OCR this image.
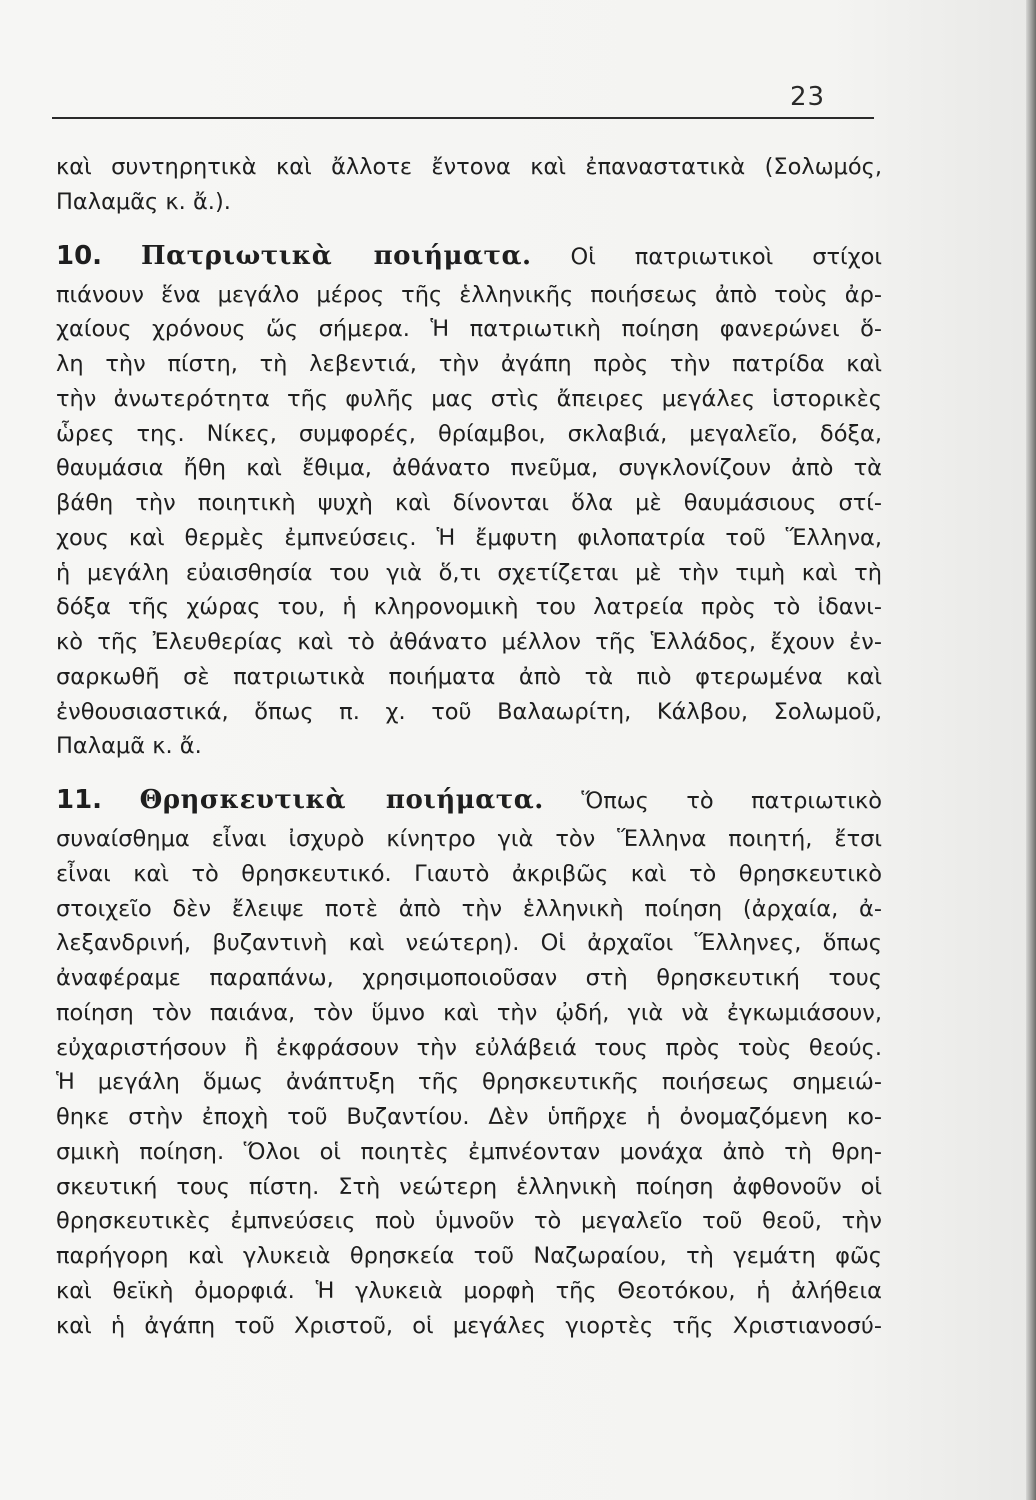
23
καὶ συντηρητικὰ καὶ ἄλλοτε ἔντονα καὶ ἐπαναστατικὰ (Σολωμός,
Παλαμᾶς κ. ἄ.).
10. Πατριωτικὰ ποιήματα. Οἱ πατριωτικοὶ στίχοι
πιάνουν ἕνα μεγάλο μέρος τῆς ἑλληνικῆς ποιήσεως ἀπὸ τοὺς ἀρ-
χαίους χρόνους ὥς σήμερα. Ἡ πατριωτικὴ ποίηση φανερώνει ὅ-
λη τὴν πίστη, τὴ λεβεντιά, τὴν ἀγάπη πρὸς τὴν πατρίδα καὶ
τὴν ἀνωτερότητα τῆς φυλῆς μας στὶς ἄπειρες μεγάλες ἱστορικὲς
ὧρες της. Νίκες, συμφορές, θρίαμβοι, σκλαβιά, μεγαλεῖο, δόξα,
θαυμάσια ἤθη καὶ ἔθιμα, ἀθάνατο πνεῦμα, συγκλονίζουν ἀπὸ τὰ
βάθη τὴν ποιητικὴ ψυχὴ καὶ δίνονται ὅλα μὲ θαυμάσιους στί-
χους καὶ θερμὲς ἐμπνεύσεις. Ἡ ἔμφυτη φιλοπατρία τοῦ Ἕλληνα,
ἡ μεγάλη εὐαισθησία του γιὰ ὅ,τι σχετίζεται μὲ τὴν τιμὴ καὶ τὴ
δόξα τῆς χώρας του, ἡ κληρονομικὴ του λατρεία πρὸς τὸ ἰδανι-
κὸ τῆς Ἐλευθερίας καὶ τὸ ἀθάνατο μέλλον τῆς Ἑλλάδος, ἔχουν ἐν-
σαρκωθῆ σὲ πατριωτικὰ ποιήματα ἀπὸ τὰ πιὸ φτερωμένα καὶ
ἐνθουσιαστικά, ὅπως π. χ. τοῦ Βαλαωρίτη, Κάλβου, Σολωμοῦ,
Παλαμᾶ κ. ἄ.
11. Θρησκευτικὰ ποιήματα. Ὅπως τὸ πατριωτικὸ
συναίσθημα εἶναι ἰσχυρὸ κίνητρο γιὰ τὸν Ἕλληνα ποιητή, ἔτσι
εἶναι καὶ τὸ θρησκευτικό. Γιαυτὸ ἀκριβῶς καὶ τὸ θρησκευτικὸ
στοιχεῖο δὲν ἔλειψε ποτὲ ἀπὸ τὴν ἑλληνικὴ ποίηση (ἀρχαία, ἀ-
λεξανδρινή, βυζαντινὴ καὶ νεώτερη). Οἱ ἀρχαῖοι Ἕλληνες, ὅπως
ἀναφέραμε παραπάνω, χρησιμοποιοῦσαν στὴ θρησκευτική τους
ποίηση τὸν παιάνα, τὸν ὕμνο καὶ τὴν ᾠδή, γιὰ νὰ ἐγκωμιάσουν,
εὐχαριστήσουν ἢ ἐκφράσουν τὴν εὐλάβειά τους πρὸς τοὺς θεούς.
Ἡ μεγάλη ὅμως ἀνάπτυξη τῆς θρησκευτικῆς ποιήσεως σημειώ-
θηκε στὴν ἐποχὴ τοῦ Βυζαντίου. Δὲν ὑπῆρχε ἡ ὀνομαζόμενη κο-
σμικὴ ποίηση. Ὅλοι οἱ ποιητὲς ἐμπνέονταν μονάχα ἀπὸ τὴ θρη-
σκευτική τους πίστη. Στὴ νεώτερη ἑλληνικὴ ποίηση ἀφθονοῦν οἱ
θρησκευτικὲς ἐμπνεύσεις ποὺ ὑμνοῦν τὸ μεγαλεῖο τοῦ θεοῦ, τὴν
παρήγορη καὶ γλυκειὰ θρησκεία τοῦ Ναζωραίου, τὴ γεμάτη φῶς
καὶ θεϊκὴ ὀμορφιά. Ἡ γλυκειὰ μορφὴ τῆς Θεοτόκου, ἡ ἀλήθεια
καὶ ἡ ἀγάπη τοῦ Χριστοῦ, οἱ μεγάλες γιορτὲς τῆς Χριστιανοσύ-
